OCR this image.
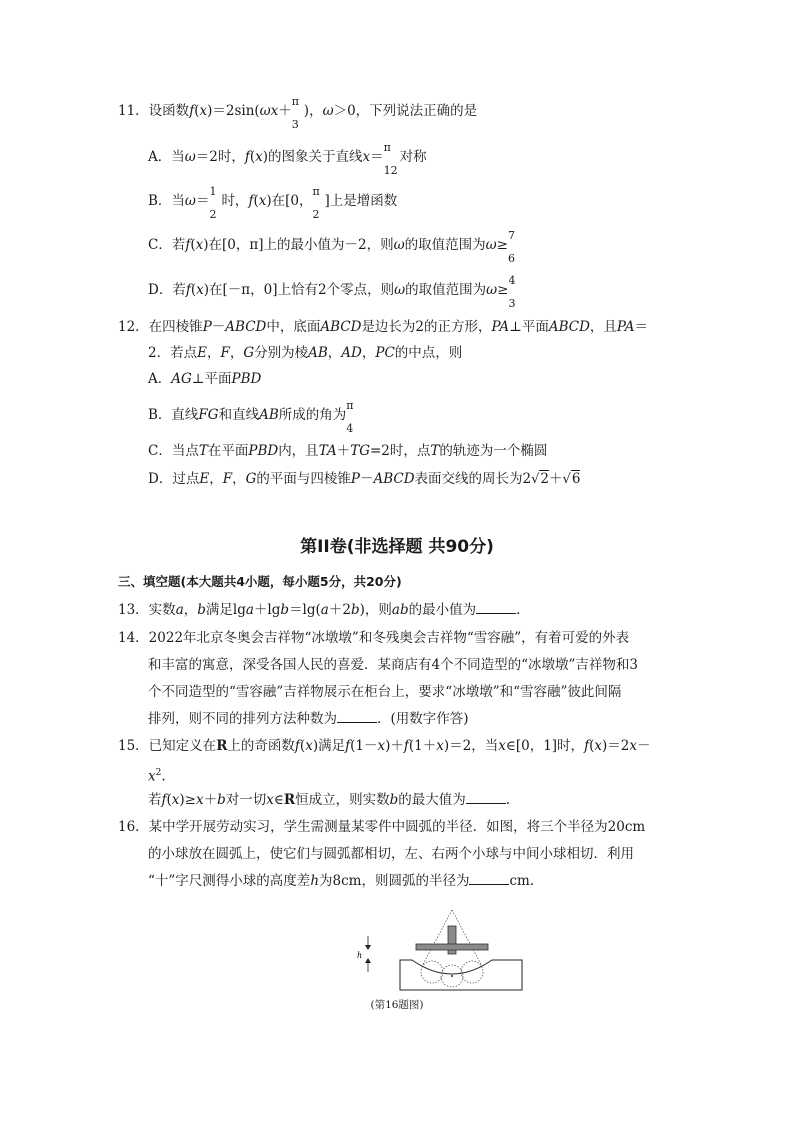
11．设函数f(x)＝2sin(ωx＋
π
3
)，ω＞0，下列说法正确的是
A．当ω＝2时，f(x)的图象关于直线x＝
π
12
对称
B．当ω＝
1
2
时，f(x)在[0，
π
2
]上是增函数
C．若f(x)在[0，π]上的最小值为－2，则ω的取值范围为ω≥
7
6
D．若f(x)在[－π，0]上恰有2个零点，则ω的取值范围为ω≥
4
3
12．在四棱锥P－ABCD中，底面ABCD是边长为2的正方形，PA⊥平面ABCD，且PA＝
2．若点E，F，G分别为棱AB，AD，PC的中点，则
A．AG⊥平面PBD
B．直线FG和直线AB所成的角为
π
4
C．当点T在平面PBD内，且TA＋TG=2时，点T的轨迹为一个椭圆
D．过点E，F，G的平面与四棱锥P－ABCD表面交线的周长为2√2＋√6
第II卷(非选择题 共90分)
三、填空题(本大题共4小题，每小题5分，共20分)
13．实数a，b满足lga＋lgb＝lg(a＋2b)，则ab的最小值为	.
14．2022年北京冬奥会吉祥物“冰墩墩”和冬残奥会吉祥物“雪容融”，有着可爱的外表
和丰富的寓意，深受各国人民的喜爱．某商店有4个不同造型的“冰墩墩”吉祥物和3
个不同造型的“雪容融”吉祥物展示在柜台上，要求“冰墩墩”和“雪容融”彼此间隔
排列，则不同的排列方法种数为	．(用数字作答)
15．已知定义在R上的奇函数f(x)满足f(1－x)＋f(1＋x)＝2，当x∈[0，1]时，f(x)＝2x－
$x^2$.
若f(x)≥x＋b对一切x∈R恒成立，则实数b的最大值为	.
16．某中学开展劳动实习，学生需测量某零件中圆弧的半径．如图，将三个半径为20cm
的小球放在圆弧上，使它们与圆弧都相切，左、右两个小球与中间小球相切．利用
“十”字尺测得小球的高度差h为8cm，则圆弧的半径为	cm.
h
(第16题图)
